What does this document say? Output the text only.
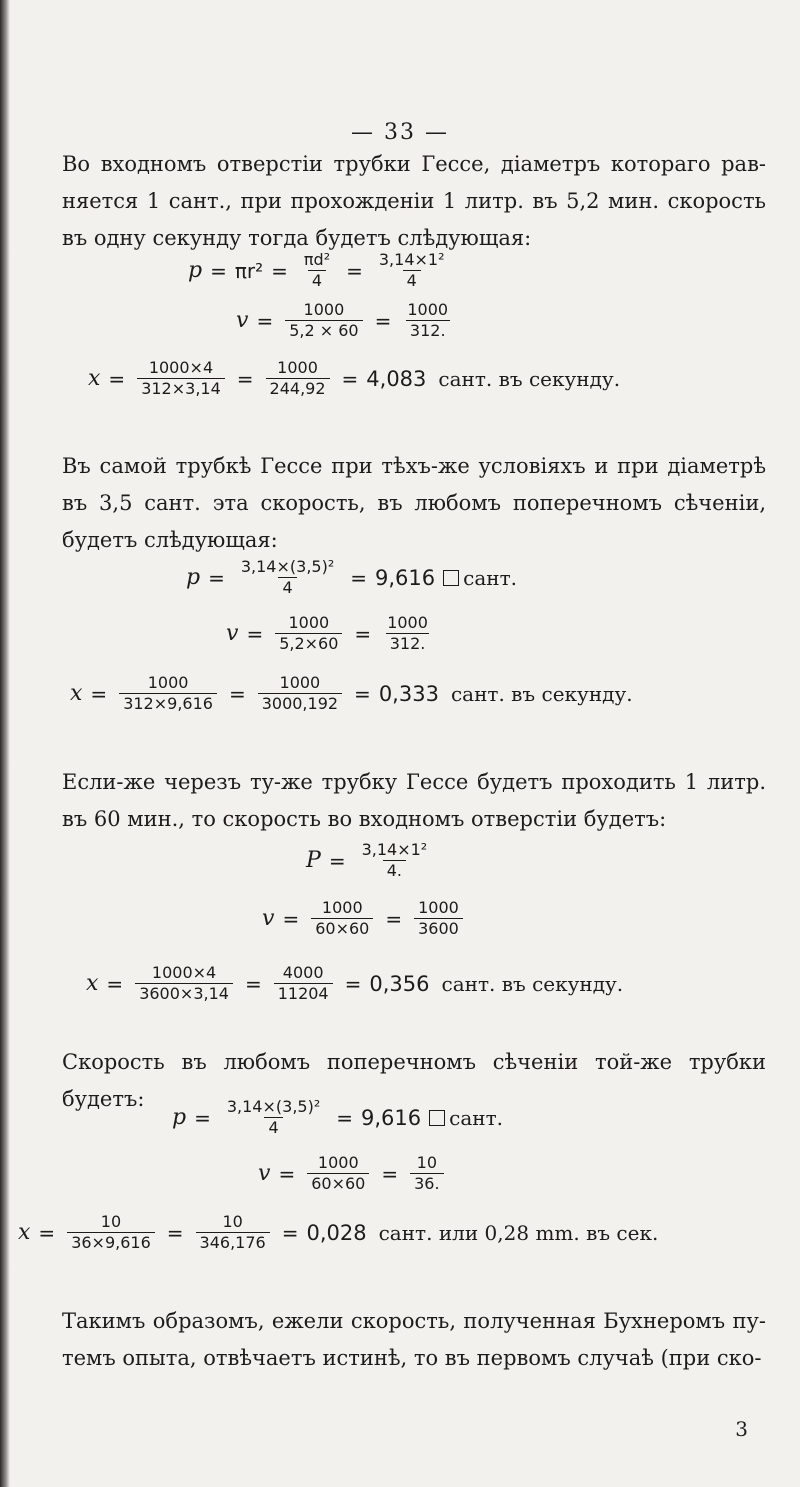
— 33 —
Во входномъ отверстіи трубки Гессе, діаметръ котораго рав-няется 1 сант., при прохожденіи 1 литр. въ 5,2 мин. скорость въ одну секунду тогда будетъ слѣдующая:
$p = \pi r^2 = \frac{\text{πd²}}{4} = \frac{\text{3,14×1²}}{4}$
$v = \frac{1000}{5,2 \times 60} = \frac{1000}{312.}$
$x = \frac{1000\times 4}{312\times 3,14} = \frac{1000}{244,92} = 4,083$ сант. въ секунду.
Въ самой трубкѣ Гессе при тѣхъ-же условіяхъ и при діаметрѣ въ 3,5 сант. эта скорость, въ любомъ поперечномъ сѣченіи, будетъ слѣдующая:
$p = \frac{\text{3,14×(3,5)²}}{4} = 9,616$ сант.
$v = \frac{1000}{5,2\times 60} = \frac{1000}{312.}$
$x = \frac{1000}{312\times 9,616} = \frac{1000}{3000,192} = 0,333$ сант. въ секунду.
Если-же черезъ ту-же трубку Гессе будетъ проходить 1 литр. въ 60 мин., то скорость во входномъ отверстіи будетъ:
$P = \frac{\text{3,14×1²}}{4.}$
$v = \frac{1000}{60\times 60} = \frac{1000}{3600}$
$x = \frac{1000\times 4}{3600\times 3,14} = \frac{4000}{11204} = 0,356$ сант. въ секунду.
Скорость въ любомъ поперечномъ сѣченіи той-же трубки будетъ:
$p = \frac{\text{3,14×(3,5)²}}{4} = 9,616$ сант.
$v = \frac{1000}{60\times 60} = \frac{10}{36.}$
$x = \frac{10}{36\times 9,616} = \frac{10}{346,176} = 0,028$ сант. или 0,28 mm. въ сек.
Такимъ образомъ, ежели скорость, полученная Бухнеромъ пу-темъ опыта, отвѣчаетъ истинѣ, то въ первомъ случаѣ (при ско-
3
